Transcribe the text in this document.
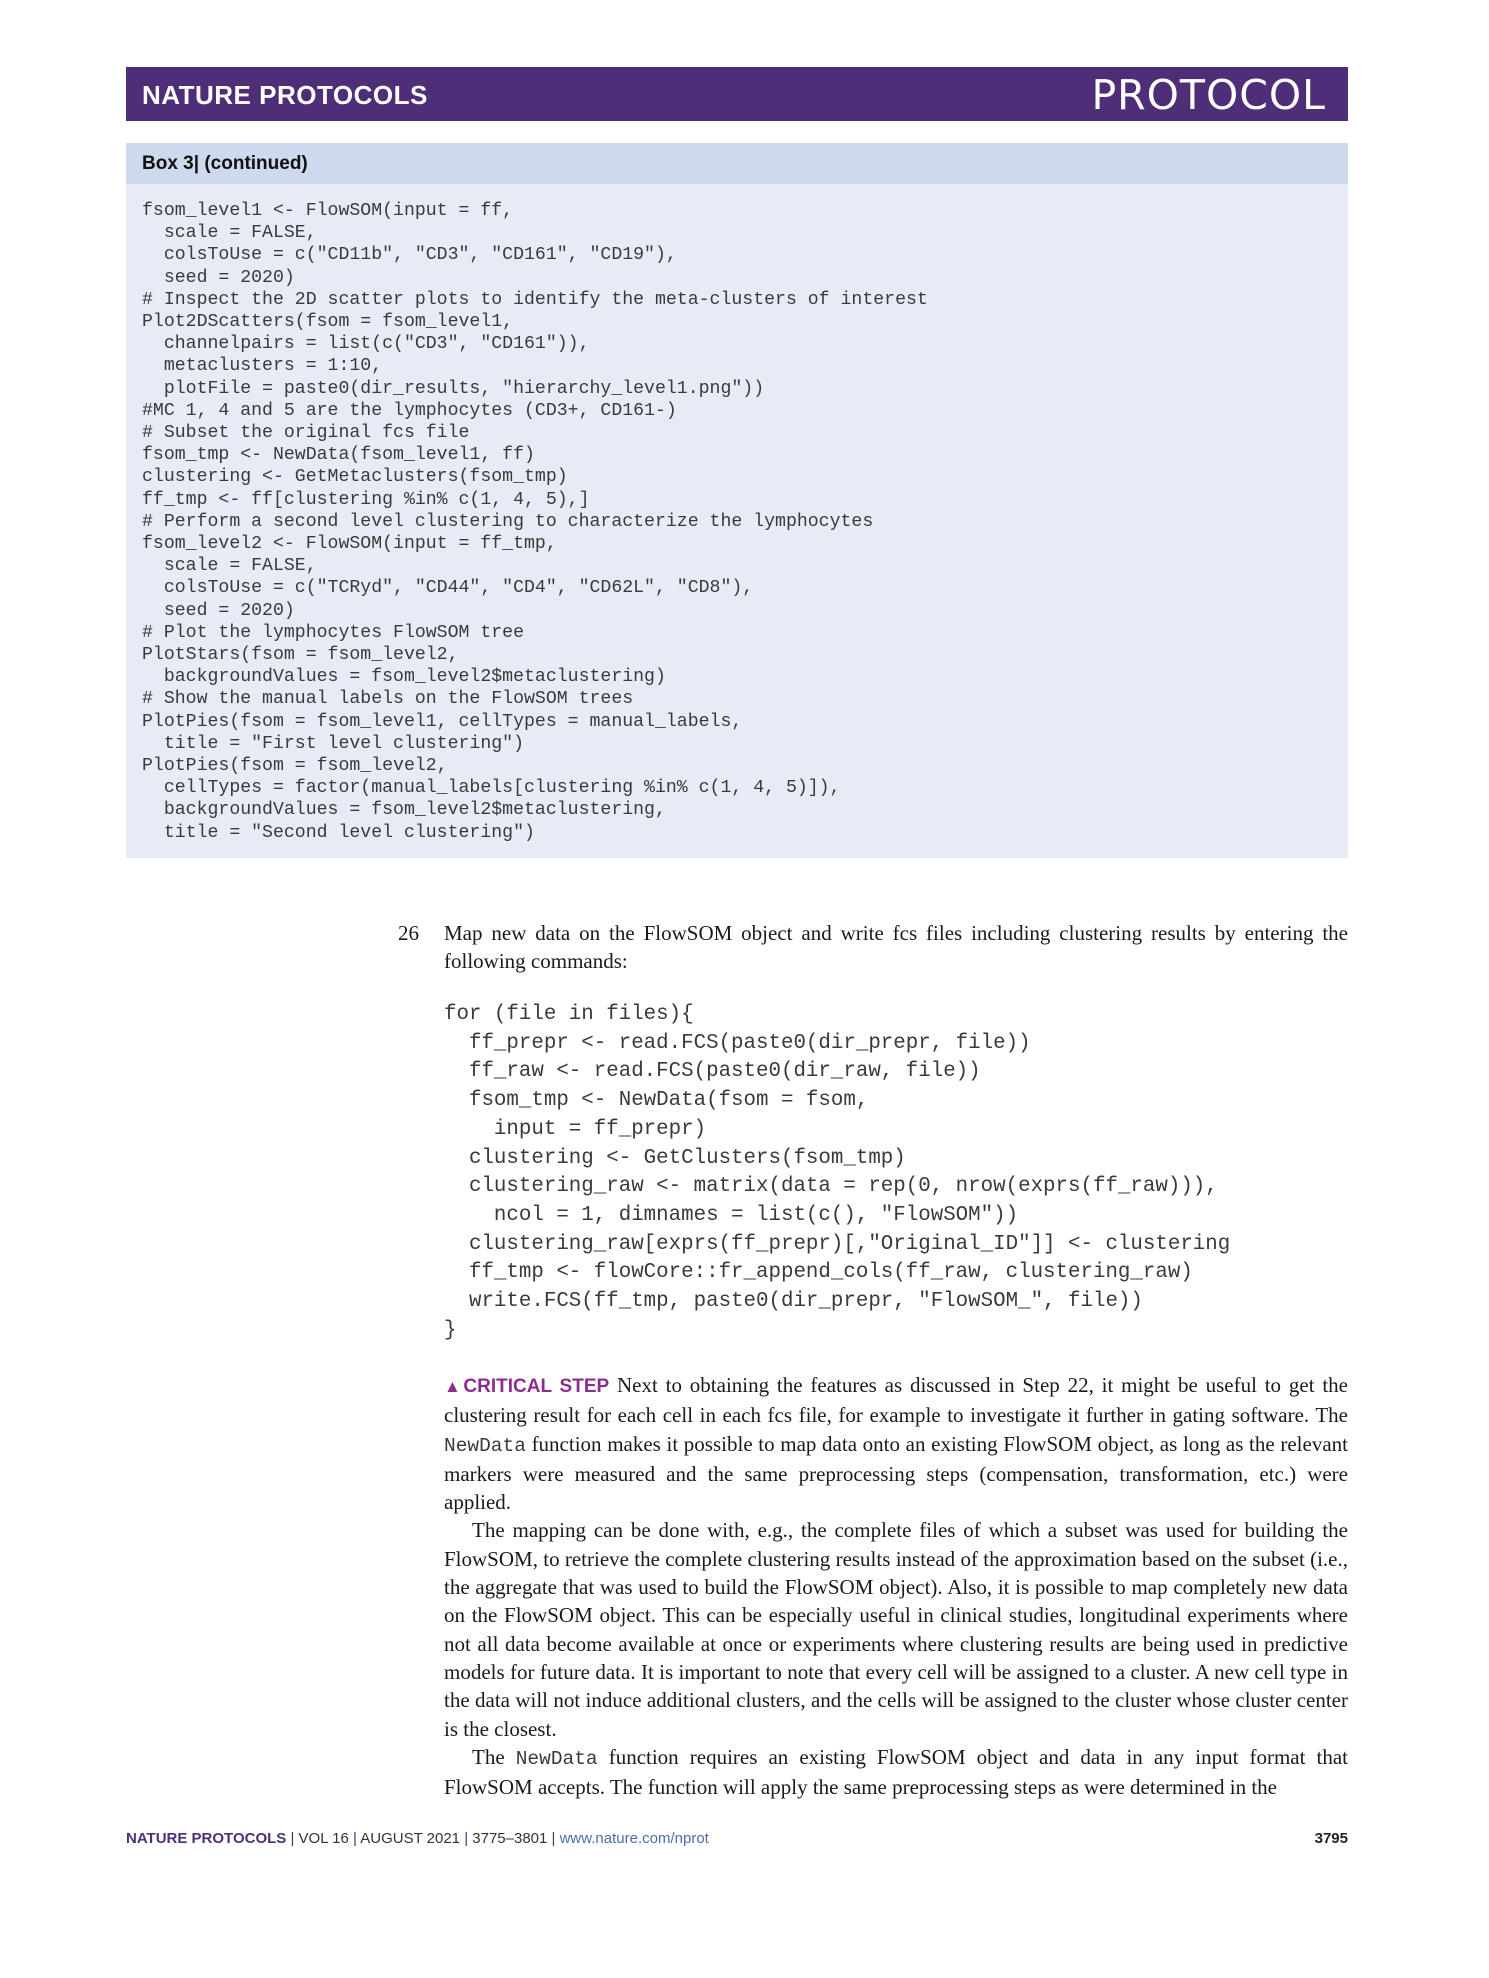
NATURE PROTOCOLS	PROTOCOL
Box 3| (continued)
fsom_level1 <- FlowSOM(input = ff,
scale = FALSE,
colsToUse = c("CD11b", "CD3", "CD161", "CD19"),
seed = 2020)
# Inspect the 2D scatter plots to identify the meta-clusters of interest
Plot2DScatters(fsom = fsom_level1,
channelpairs = list(c("CD3", "CD161")),
metaclusters = 1:10,
plotFile = paste0(dir_results, "hierarchy_level1.png"))
#MC 1, 4 and 5 are the lymphocytes (CD3+, CD161-)
# Subset the original fcs file
fsom_tmp <- NewData(fsom_level1, ff)
clustering <- GetMetaclusters(fsom_tmp)
ff_tmp <- ff[clustering %in% c(1, 4, 5),]
# Perform a second level clustering to characterize the lymphocytes
fsom_level2 <- FlowSOM(input = ff_tmp,
scale = FALSE,
colsToUse = c("TCRyd", "CD44", "CD4", "CD62L", "CD8"),
seed = 2020)
# Plot the lymphocytes FlowSOM tree
PlotStars(fsom = fsom_level2,
backgroundValues = fsom_level2$metaclustering)
# Show the manual labels on the FlowSOM trees
PlotPies(fsom = fsom_level1, cellTypes = manual_labels,
title = "First level clustering")
PlotPies(fsom = fsom_level2,
cellTypes = factor(manual_labels[clustering %in% c(1, 4, 5)]),
backgroundValues = fsom_level2$metaclustering,
title = "Second level clustering")
26 Map new data on the FlowSOM object and write fcs files including clustering results by entering the following commands:
for (file in files){
ff_prepr <- read.FCS(paste0(dir_prepr, file))
ff_raw <- read.FCS(paste0(dir_raw, file))
fsom_tmp <- NewData(fsom = fsom,
input = ff_prepr)
clustering <- GetClusters(fsom_tmp)
clustering_raw <- matrix(data = rep(0, nrow(exprs(ff_raw))),
ncol = 1, dimnames = list(c(), "FlowSOM"))
clustering_raw[exprs(ff_prepr)[,"Original_ID"]] <- clustering
ff_tmp <- flowCore::fr_append_cols(ff_raw, clustering_raw)
write.FCS(ff_tmp, paste0(dir_prepr, "FlowSOM_", file))
}

▲CRITICAL STEP Next to obtaining the features as discussed in Step 22, it might be useful to get the clustering result for each cell in each fcs file, for example to investigate it further in gating software. The NewData function makes it possible to map data onto an existing FlowSOM object, as long as the relevant markers were measured and the same preprocessing steps (compensation, transformation, etc.) were applied.

The mapping can be done with, e.g., the complete files of which a subset was used for building the FlowSOM, to retrieve the complete clustering results instead of the approximation based on the subset (i.e., the aggregate that was used to build the FlowSOM object). Also, it is possible to map completely new data on the FlowSOM object. This can be especially useful in clinical studies, longitudinal experiments where not all data become available at once or experiments where clustering results are being used in predictive models for future data. It is important to note that every cell will be assigned to a cluster. A new cell type in the data will not induce additional clusters, and the cells will be assigned to the cluster whose cluster center is the closest.

The NewData function requires an existing FlowSOM object and data in any input format that FlowSOM accepts. The function will apply the same preprocessing steps as were determined in the

NATURE PROTOCOLS | VOL 16 | AUGUST 2021 | 3775–3801 | www.nature.com/nprot	3795
